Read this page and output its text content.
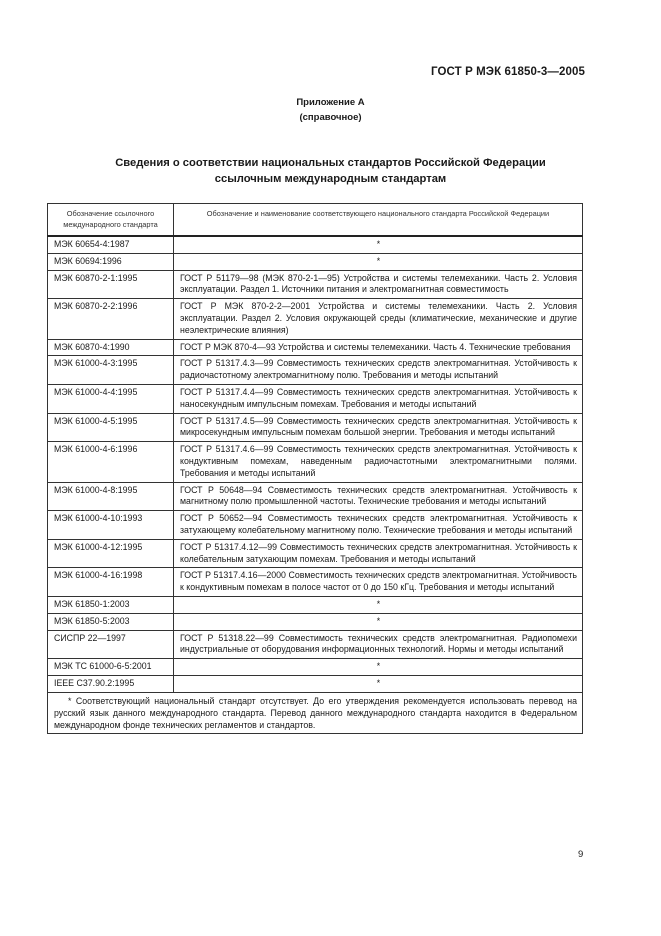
ГОСТ Р МЭК 61850-3—2005
Приложение А
(справочное)
Сведения о соответствии национальных стандартов Российской Федерации
ссылочным международным стандартам
Обозначение ссылочного международного стандарта	Обозначение и наименование соответствующего национального стандарта Российской Федерации
МЭК 60654-4:1987	*
МЭК 60694:1996	*
МЭК 60870-2-1:1995	ГОСТ Р 51179—98 (МЭК 870-2-1—95) Устройства и системы телемеханики. Часть 2. Условия эксплуатации. Раздел 1. Источники питания и электромагнитная совместимость
МЭК 60870-2-2:1996	ГОСТ Р МЭК 870-2-2—2001 Устройства и системы телемеханики. Часть 2. Условия эксплуатации. Раздел 2. Условия окружающей среды (климатические, механические и другие неэлектрические влияния)
МЭК 60870-4:1990	ГОСТ Р МЭК 870-4—93 Устройства и системы телемеханики. Часть 4. Технические требования
МЭК 61000-4-3:1995	ГОСТ Р 51317.4.3—99 Совместимость технических средств электромагнитная. Устойчивость к радиочастотному электромагнитному полю. Требования и методы испытаний
МЭК 61000-4-4:1995	ГОСТ Р 51317.4.4—99 Совместимость технических средств электромагнитная. Устойчивость к наносекундным импульсным помехам. Требования и методы испытаний
МЭК 61000-4-5:1995	ГОСТ Р 51317.4.5—99 Совместимость технических средств электромагнитная. Устойчивость к микросекундным импульсным помехам большой энергии. Требования и методы испытаний
МЭК 61000-4-6:1996	ГОСТ Р 51317.4.6—99 Совместимость технических средств электромагнитная. Устойчивость к кондуктивным помехам, наведенным радиочастотными электромагнитными полями. Требования и методы испытаний
МЭК 61000-4-8:1995	ГОСТ Р 50648—94 Совместимость технических средств электромагнитная. Устойчивость к магнитному полю промышленной частоты. Технические требования и методы испытаний
МЭК 61000-4-10:1993	ГОСТ Р 50652—94 Совместимость технических средств электромагнитная. Устойчивость к затухающему колебательному магнитному полю. Технические требования и методы испытаний
МЭК 61000-4-12:1995	ГОСТ Р 51317.4.12—99 Совместимость технических средств электромагнитная. Устойчивость к колебательным затухающим помехам. Требования и методы испытаний
МЭК 61000-4-16:1998	ГОСТ Р 51317.4.16—2000 Совместимость технических средств электромагнитная. Устойчивость к кондуктивным помехам в полосе частот от 0 до 150 кГц. Требования и методы испытаний
МЭК 61850-1:2003	*
МЭК 61850-5:2003	*
СИСПР 22—1997	ГОСТ Р 51318.22—99 Совместимость технических средств электромагнитная. Радиопомехи индустриальные от оборудования информационных технологий. Нормы и методы испытаний
МЭК ТС 61000-6-5:2001	*
IEEE C37.90.2:1995	*

* Соответствующий национальный стандарт отсутствует. До его утверждения рекомендуется использовать перевод на русский язык данного международного стандарта. Перевод данного международного стандарта находится в Федеральном международном фонде технических регламентов и стандартов.	
9
